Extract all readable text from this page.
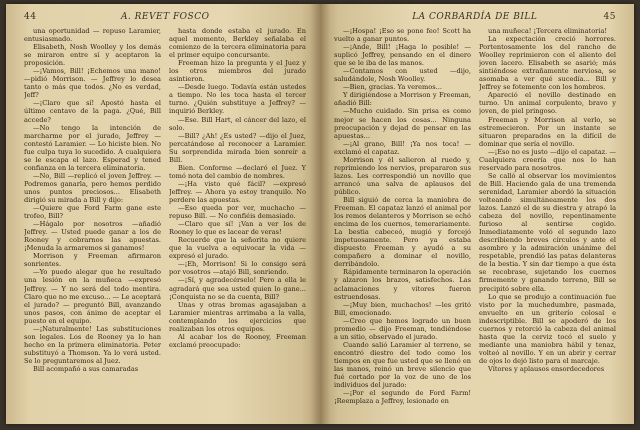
44	A. REVET FOSCO

una oportunidad — repuso Laramier, entusiasmado.

Elisabeth, Nosh Woolley y los demás se miraron entre sí y aceptaron la proposición.

—¡Vamos, Bill! ¡Echemos una mano! —pidió Morrison. — Jeffrey lo desea tanto o más que todos. ¿No es verdad, Jeff?

—¡Claro que sí! Apostó hasta el último centavo de la paga. ¿Qué, Bill accede?

—No tengo la intención de marcharme por el jurado, Jeffrey —contestó Laramier. — Lo hiciste bien. No fue culpa tuya lo sucedido. A cualquiera se le escapa el lazo. Esperad y tened confianza en la tercera eliminatoria.

—No, Bill —replicó el joven Jeffrey. — Podremos ganarla, pero hemos perdido unos puntos preciosos... Elisabeth dirigió su mirada a Bill y dijo:

—Quiere que Ford Farm gane este trofeo, Bill?

—Hágalo por nosotros —añadió Jeffrey. — Usted puede ganar a los de Rooney y cobrarnos las apuestas. ¡Menuda la armaremos si ganamos!

Morrison y Freeman afirmaron sonrientes.

—Yo puedo alegar que he resultado una lesión en la muñeca —expresó Jeffrey. — Y no será del todo mentira. Claro que no me excuso... — Le aceptará el jurado? — preguntó Bill, avanzando unos pasos, con ánimo de aceptar el puesto en el equipo.

—¡Naturalmente! Las substituciones son legales. Los de Rooney ya lo han hecho en la primera eliminatoria. Peter substituyó a Thomson. Ya lo verá usted. Se lo preguntaremos al Juez.

Bill acompañó a sus camaradas

hasta donde estaba el jurado. En aquel momento, Berkley señalaba el comienzo de la tercera eliminatoria para el primer equipo concursante.

Freeman hizo la pregunta y el Juez y los otros miembros del jurado asintieron.

—Desde luego. Todavía están ustedes a tiempo. No les toca hasta el tercer turno. ¿Quién substituye a Jeffrey? —inquirió Berkley.

—Ese. Bill Hart, el cáncer del lazo, el solo.

—Bill? ¿Ah! ¿Es usted? —dijo el Juez, percatándose al reconocer a Laramier. Su sorprendida mirada bien sonreír a Bill.

Bien. Conforme —declaró el Juez. Y tomó nota del cambio de nombres.

—¡Ha visto qué fácil? —expresó Jeffrey. — Ahora ya estoy tranquilo. No perdere las apuestas.

—Eso queda por ver, muchacho —repuso Bill. — No confiéis demasiado.

—Claro que sí! ¡Van a ver los de Rooney lo que es lacear de veras!

Recuerde que la señorita no quiere que la vuelva a equivocar la vida —expresó el jurado.

—¡Eh, Morrison! Si lo consigo será por vosotros —atajó Bill, sonriendo.

—¡Sí, y agradecérselo! Pero a ella le agradará que sea usted quien lo gane... ¡Conquista no se da cuenta, Bill?

Unas y otras bromas agasajaban a Laramier mientras arrimaba a la valla, contemplando los ejercicios que realizaban los otros equipos.

Al acabar los de Rooney, Freeman exclamó preocupado:

LA CORBARDÍA DE BILL	45

—¡Hospa! ¡Eso se pone feo! Scott ha vuelto a ganar puntos.

—¡Ande, Bill! ¡Haga lo posible! —suplicó Jeffrey, pensando en el dinero que se le iba de las manos.

—Contamos con usted —dijo, saludándole, Nosh Woolley.

—Bien, gracias. Ya veremos...

Y dirigiéndose a Morrison y Freeman, añadió Bill:

—Mucho cuidado. Sin prisa es como mejor se hacen los cosas... Ninguna preocupación y dejad de pensar en las apuestas...

—¡Al grano, Bill! ¡Ya nos toca! —exclamó el capataz.

Morrison y él salieron al ruedo y, reprimiendo los nervios, prepararon sus lazos. Les correspondió un novillo que arrancó una salva de aplausos del público.

Bill siguió de cerca la maniobra de Freeman. El capataz lanzó el animal por los remos delanteros y Morrison se echó encima de los cuernos, temerariamente. La bestia cabeceó, mugió y forcejó impetuosamente. Pero ya estaba dispuesto Freeman y ayudó a su compañero a dominar el novillo, derribándolo.

Rápidamente terminaron la operación y alzaron los brazos, satisfechos. Las aclamaciones y vítores fueron estruendosas.

—¡Muy bien, muchachos! —les gritó Bill, emocionado.

—Creo que hemos logrado un buen promedio — dijo Freeman, tendiéndose a un sitio, observado el jurado.

Cuando salió Laramier al terreno, se encontró diestro del todo como los tiempos en que fue usted que se llenó en las manos, reinó un breve silencio que fué cortado por la voz de uno de los individuos del jurado:

—¡Por el segundo de Ford Farm! ¡Reemplaza a Jeffrey, lesionado en

una muñeca! ¡Tercera eliminatoria!

La expectación creció horrores. Portentosamente los del rancho de Woolley reprimieron con el aliento del joven lacero. Elisabeth se asarió; más sintiéndose extrañamente nerviosa, se asomaba a ver qué sucedía... Bill y Jeffrey se fotemente con los hombros.

Apareció el novillo destinado en turno. Un animal corpulento, bravo y joven, de piel pringoso.

Freeman y Morrison al verlo, se estremecieron. Por un instante se situaron preparados en la difícil de dominar que sería el novillo.

—¡Eso no es justo —dijo el capataz. — Cualquiera creería que nos lo han reservado para nosotros.

Se calló al observar los movimientos de Bill. Haciendo gala de una tremenda serenidad, Laramier abordó la situación volteando simultáneamente los dos lazos. Lanzó el de su diestra y atrapó la cabeza del novillo, repentinamente furioso al sentirse cogido. Inmediatamente voló el segundo lazo describiendo breves círculos y ante el asombro y la admiración unánime del respetable, prendió las patas delanteras de la bestia. Y sin dar tiempo a que ésta se recobrase, sujetando los cuernos firmemente y ganando terreno, Bill se precipitó sobre ella.

Lo que se produjo a continuación fue visto por la muchedumbre, pasmada, envuelto en un griterío colosal e indescriptible. Bill se apoderó de los cuernos y retorció la cabeza del animal hasta que la cerviz tocó el suelo y mediante una maniobra hábil y tenaz, volteó al novillo. Y en un abrir y cerrar de ojos lo dejó listo para el marcaje.

Vítores y aplausos ensordecedores
